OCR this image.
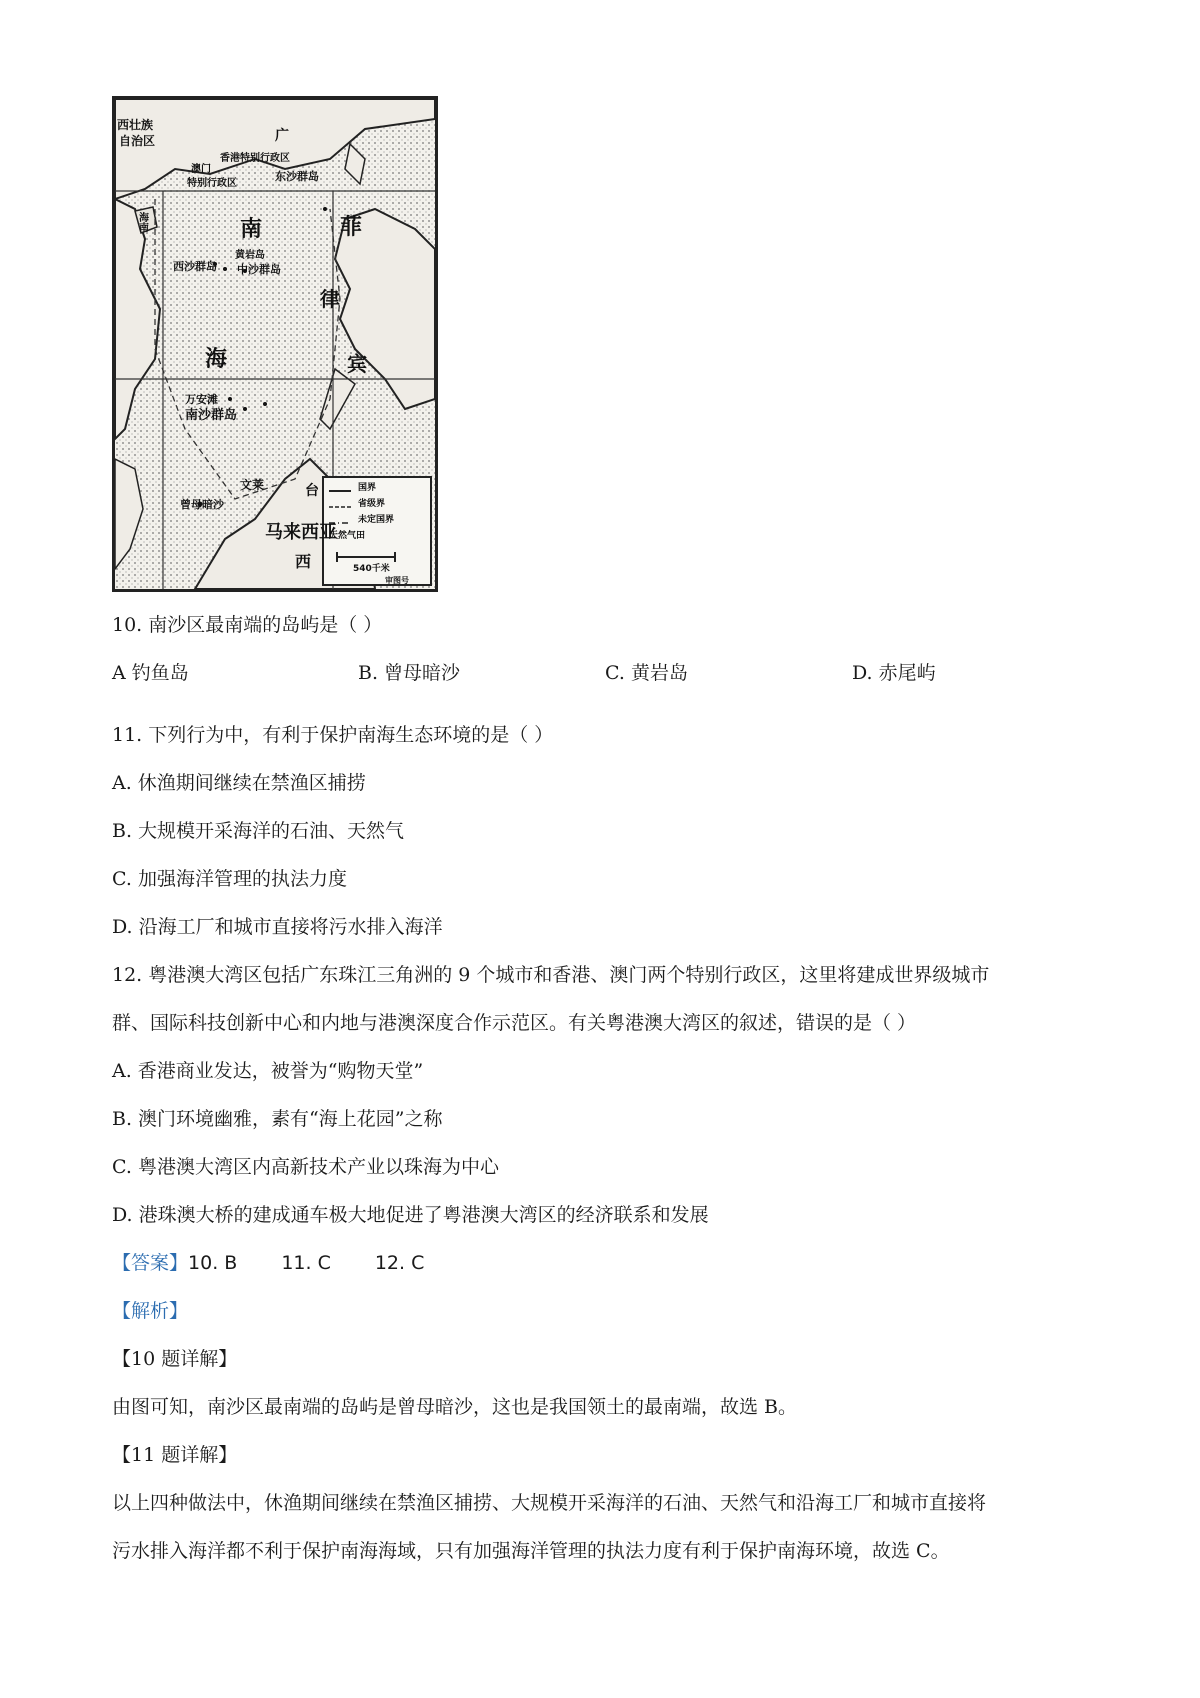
西壮族
自治区	广
香港特别行政区
澳门
特别行政区
东沙群岛
海南
西沙群岛 中沙群岛
黄岩岛
南
海
菲
律
宾
万安滩
南沙群岛
曾母暗沙
文莱
马来西亚
台
西
国界
省级界
未定国界
天然气田
540千米
审图号
10. 南沙区最南端的岛屿是（ ）
A 钓鱼岛	B. 曾母暗沙	C. 黄岩岛	D. 赤尾屿
11. 下列行为中，有利于保护南海生态环境的是（ ）
A. 休渔期间继续在禁渔区捕捞
B. 大规模开采海洋的石油、天然气
C. 加强海洋管理的执法力度
D. 沿海工厂和城市直接将污水排入海洋
12. 粤港澳大湾区包括广东珠江三角洲的 9 个城市和香港、澳门两个特别行政区，这里将建成世界级城市
群、国际科技创新中心和内地与港澳深度合作示范区。有关粤港澳大湾区的叙述，错误的是（ ）
A. 香港商业发达，被誉为“购物天堂”
B. 澳门环境幽雅，素有“海上花园”之称
C. 粤港澳大湾区内高新技术产业以珠海为中心
D. 港珠澳大桥的建成通车极大地促进了粤港澳大湾区的经济联系和发展
【答案】10. B 11. C 12. C
【解析】
【10 题详解】
由图可知，南沙区最南端的岛屿是曾母暗沙，这也是我国领土的最南端，故选 B。
【11 题详解】
以上四种做法中，休渔期间继续在禁渔区捕捞、大规模开采海洋的石油、天然气和沿海工厂和城市直接将
污水排入海洋都不利于保护南海海域，只有加强海洋管理的执法力度有利于保护南海环境，故选 C。
